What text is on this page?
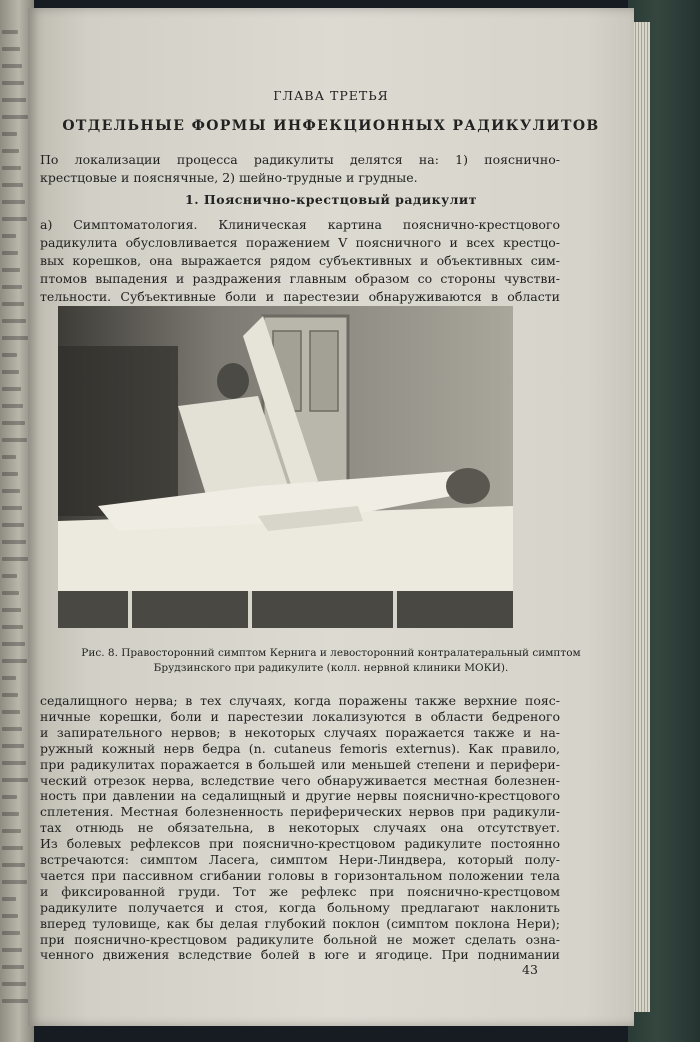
ГЛАВА ТРЕТЬЯ
ОТДЕЛЬНЫЕ ФОРМЫ ИНФЕКЦИОННЫХ РАДИКУЛИТОВ
По локализации процесса радикулиты делятся на: 1) пояснично-
крестцовые и пояснячные, 2) шейно-трудные и грудные.
1. Пояснично-крестцовый радикулит
а) Симптоматология. Клиническая картина пояснично-крестцового
радикулита обусловливается поражением V поясничного и всех крестцо-
вых корешков, она выражается рядом субъективных и объективных сим-
птомов выпадения и раздражения главным образом со стороны чувстви-
тельности. Субъективные боли и парестезии обнаруживаются в области
Рис. 8. Правосторонний симптом Кернига и левосторонний контралатеральный симптом
Брудзинского при радикулите (колл. нервной клиники МОКИ).
седалищного нерва; в тех случаях, когда поражены также верхние пояс-
ничные корешки, боли и парестезии локализуются в области бедреного
и запирательного нервов; в некоторых случаях поражается также и на-
ружный кожный нерв бедра (n. cutaneus femoris externus). Как правило,
при радикулитах поражается в большей или меньшей степени и перифери-
ческий отрезок нерва, вследствие чего обнаруживается местная болезнен-
ность при давлении на седалищный и другие нервы пояснично-крестцового
сплетения. Местная болезненность периферических нервов при радикули-
тах отнюдь не обязательна, в некоторых случаях она отсутствует.
Из болевых рефлексов при пояснично-крестцовом радикулите постоянно
встречаются: симптом Ласега, симптом Нери-Линдвера, который полу-
чается при пассивном сгибании головы в горизонтальном положении тела
и фиксированной груди. Тот же рефлекс при пояснично-крестцовом
радикулите получается и стоя, когда больному предлагают наклонить
вперед туловище, как бы делая глубокий поклон (симптом поклона Нери);
при пояснично-крестцовом радикулите больной не может сделать озна-
ченного движения вследствие болей в юге и ягодице. При поднимании
43
